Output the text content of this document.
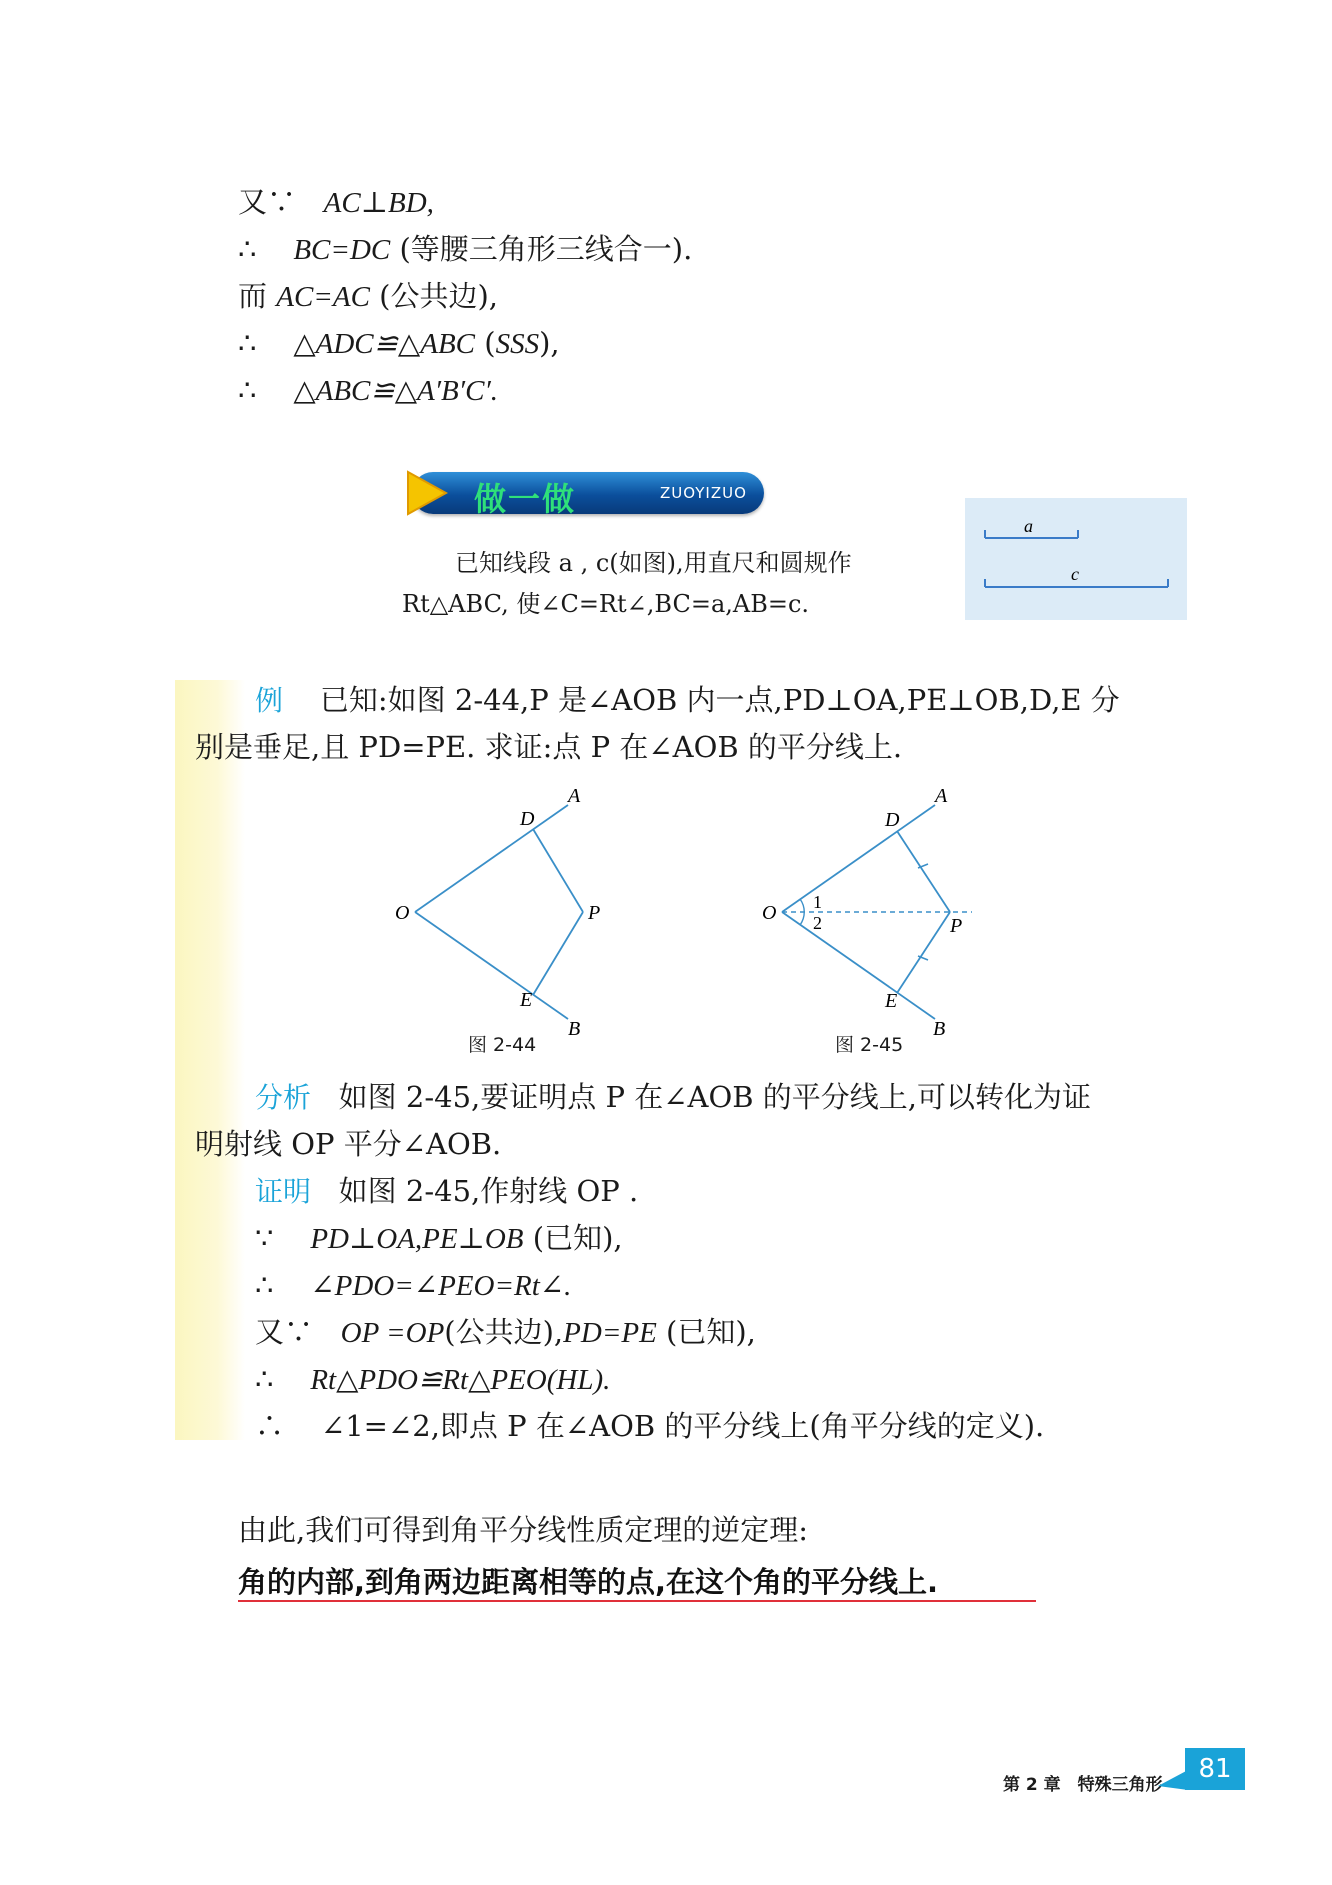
又∵ AC⊥BD,
∴ BC=DC (等腰三角形三线合一).
而 AC=AC (公共边),
∴ △ADC≌△ABC (SSS),
∴ △ABC≌△A′B′C′.
做一做	ZUOYIZUO
已知线段 a , c(如图),用直尺和圆规作
Rt△ABC, 使∠C=Rt∠,BC=a,AB=c.
a
c
例 已知:如图 2-44,P 是∠AOB 内一点,PD⊥OA,PE⊥OB,D,E 分
别是垂足,且 PD=PE. 求证:点 P 在∠AOB 的平分线上.
A
D
O	P
E
B
图 2-44
1
2
A
D
O
P
E
B
图 2-45
分析 如图 2-45,要证明点 P 在∠AOB 的平分线上,可以转化为证
明射线 OP 平分∠AOB.
证明 如图 2-45,作射线 OP .
∵ PD⊥OA,PE⊥OB (已知),
∴ ∠PDO=∠PEO=Rt∠.
又∵ OP =OP(公共边),PD=PE (已知),
∴ Rt△PDO≌Rt△PEO(HL).
∴ ∠1=∠2,即点 P 在∠AOB 的平分线上(角平分线的定义).
由此,我们可得到角平分线性质定理的逆定理:
角的内部,到角两边距离相等的点,在这个角的平分线上.
第 2 章　特殊三角形
81
